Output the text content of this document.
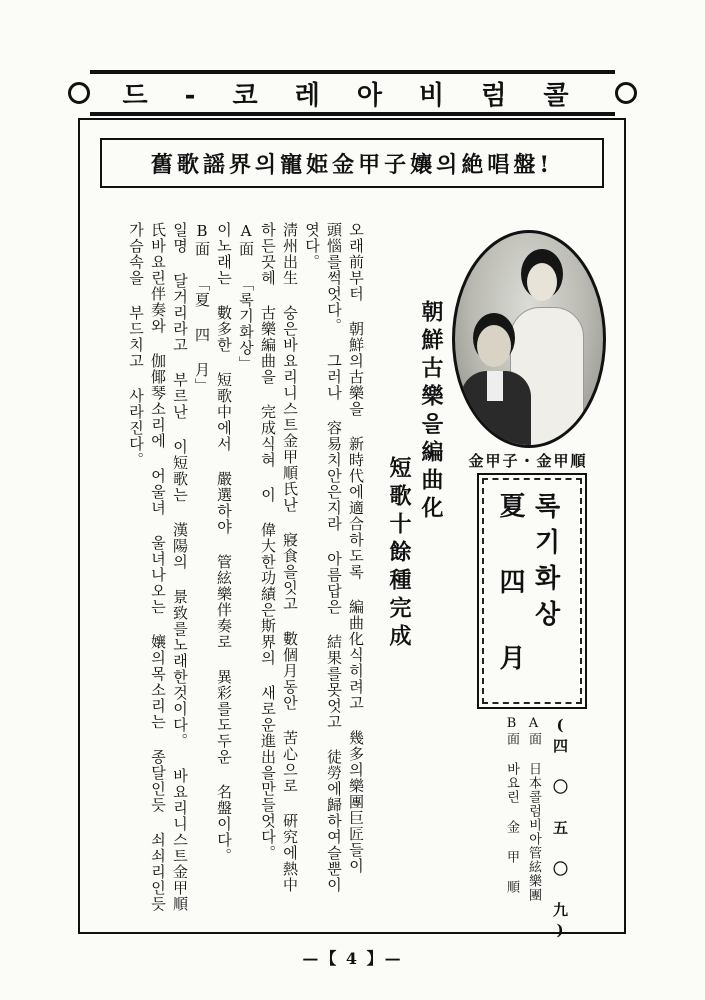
드 - 코 레 아 비 럼 콜
舊歌謡界의寵姫金甲子孃의絶唱盤!
金甲子・金甲順
朝鮮古樂을編曲化
短歌十餘種完成
오래前부터 朝鮮의古樂을 新時代에適合하도록 編曲化식히려고 幾多의樂團巨匠들이
頭惱를썩엇다。 그러나 容易치안은지라 아름답은 結果를못엇고 徒勞에歸하여슬뿐이
엿다。
淸州出生 숭은바요리니스트金甲順氏난 寢食을잇고 數個月동안 苦心으로 硏究에熱中
하든끗헤 古樂編曲을 完成식혀 이 偉大한功績은斯界의 새로운進出을만들엇다。
A面 「록기화상」
이노래는 數多한 短歌中에서 嚴選하야 管絃樂伴奏로 異彩를도두운 名盤이다。
B面 「夏 四 月」
일명 달거리라고 부르난 이短歌는 漢陽의 景致를노래한것이다。 바요리니스트金甲順
氏바요린伴奏와 伽倻琴소리에 어울녀 울녀나오는 孃의목소리는 종달인듯 쇠쇠리인듯
가슴속을 부드치고 사라진다。
록기화상
夏 四 月
(四 〇 五 〇 九)
A面 日本콜럼비아管絃樂團
B面 바요린 金 甲 順
—【 4 】—
